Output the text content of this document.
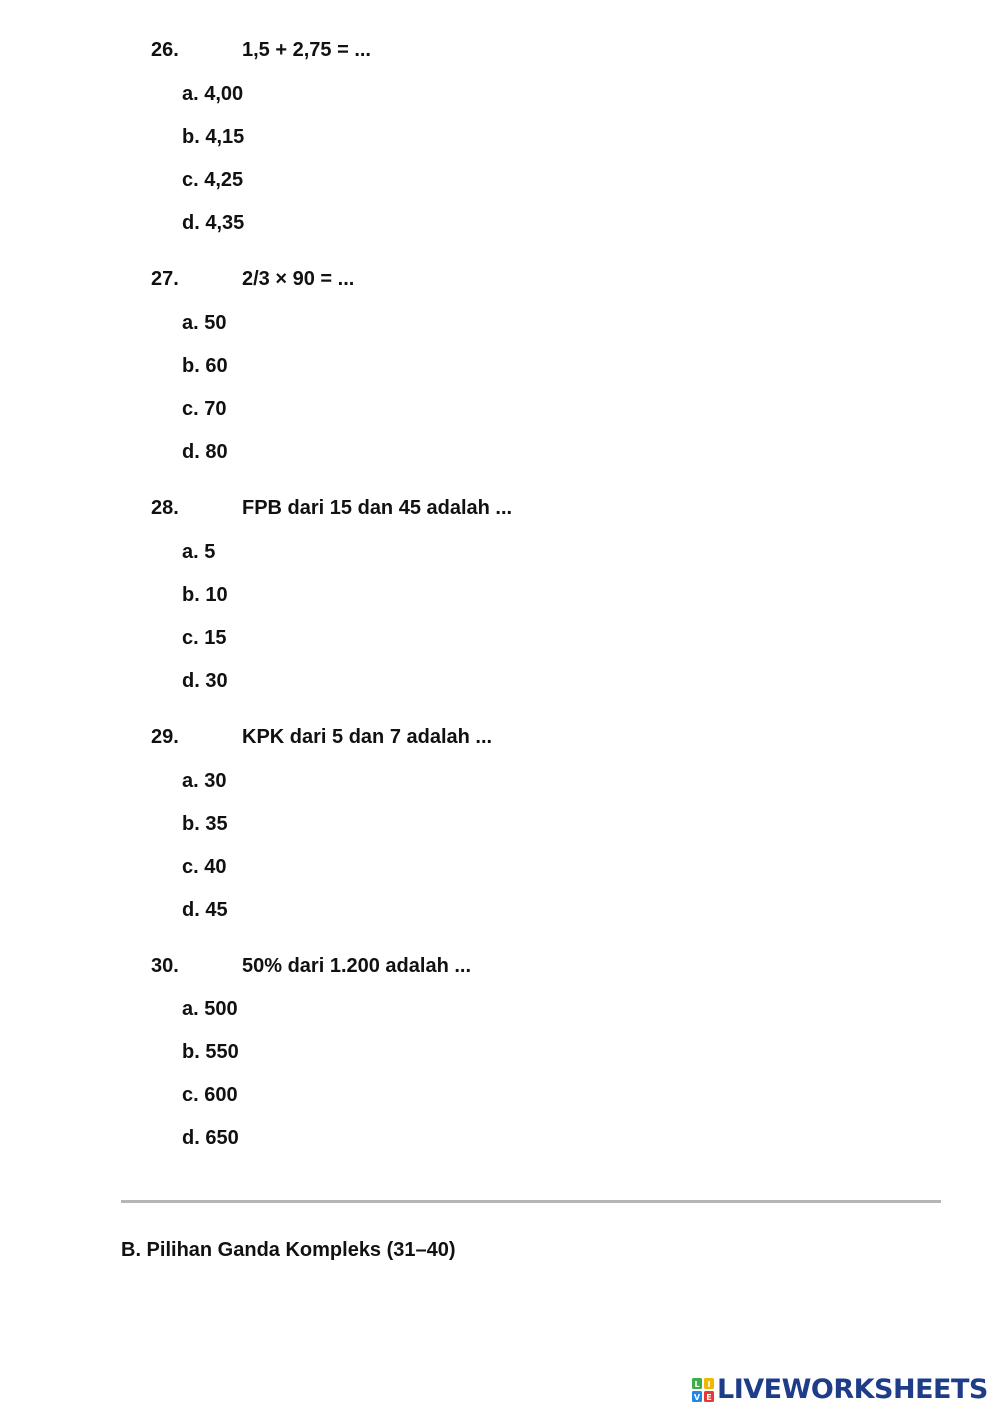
26.	1,5 + 2,75 = ...
a. 4,00
b. 4,15
c. 4,25
d. 4,35
27.	2/3 × 90 = ...
a. 50
b. 60
c. 70
d. 80
28.	FPB dari 15 dan 45 adalah ...
a. 5
b. 10
c. 15
d. 30
29.	KPK dari 5 dan 7 adalah ...
a. 30
b. 35
c. 40
d. 45
30.	50% dari 1.200 adalah ...
a. 500
b. 550
c. 600
d. 650
B. Pilihan Ganda Kompleks (31–40)
L I
V E LIVEWORKSHEETS
